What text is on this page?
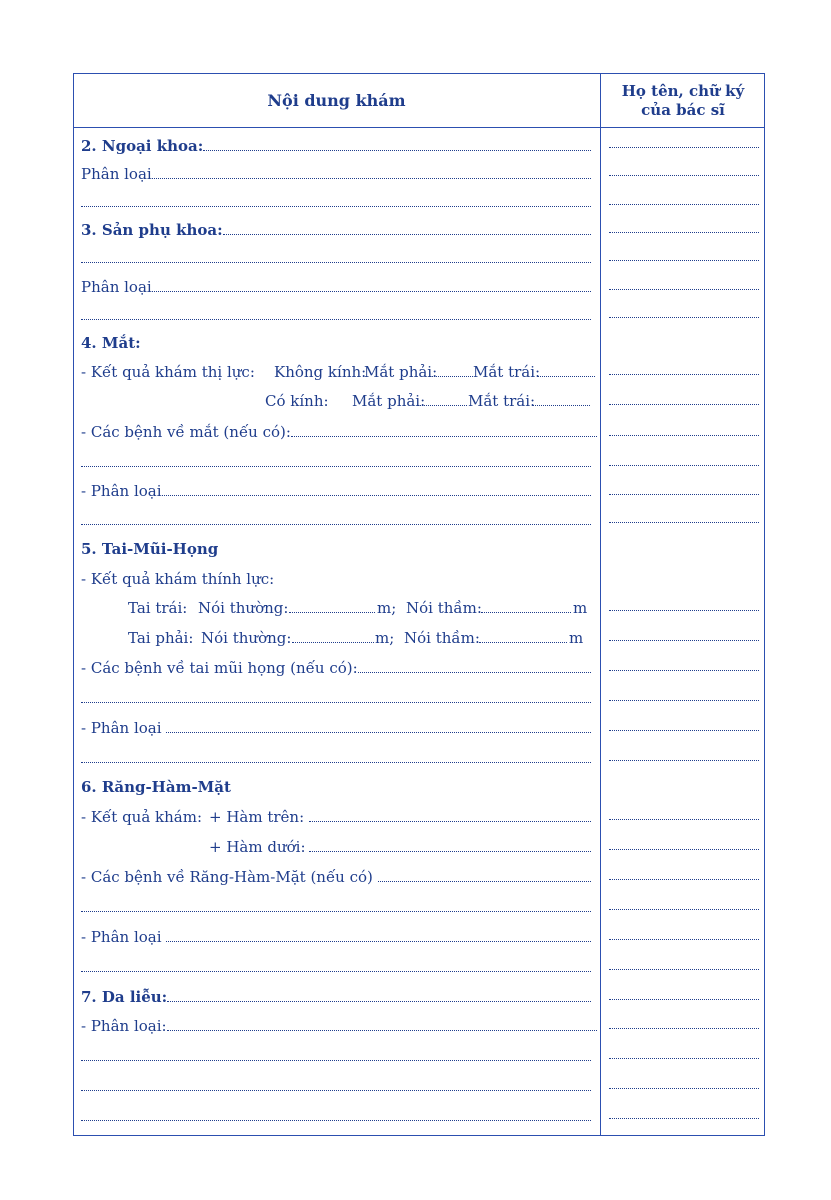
Nội dung khám	Họ tên, chữ ký
của bác sĩ
2. Ngoại khoa:
Phân loại
3. Sản phụ khoa:
Phân loại
4. Mắt:
- Kết quả khám thị lực: Không kính:
Mắt phải: Mắt trái:
Có kính: Mắt phải:	Mắt trái:
- Các bệnh về mắt (nếu có):
- Phân loại
5. Tai-Mũi-Họng
- Kết quả khám thính lực:
Tai trái: Nói thường:	m; Nói thầm:	m
Tai phải: Nói thường:	m; Nói thầm:	m
- Các bệnh về tai mũi họng (nếu có):
- Phân loại

6. Răng-Hàm-Mặt
- Kết quả khám: + Hàm trên:
+ Hàm dưới:
- Các bệnh về Răng-Hàm-Mặt (nếu có)

- Phân loại

7. Da liễu:
- Phân loại:
